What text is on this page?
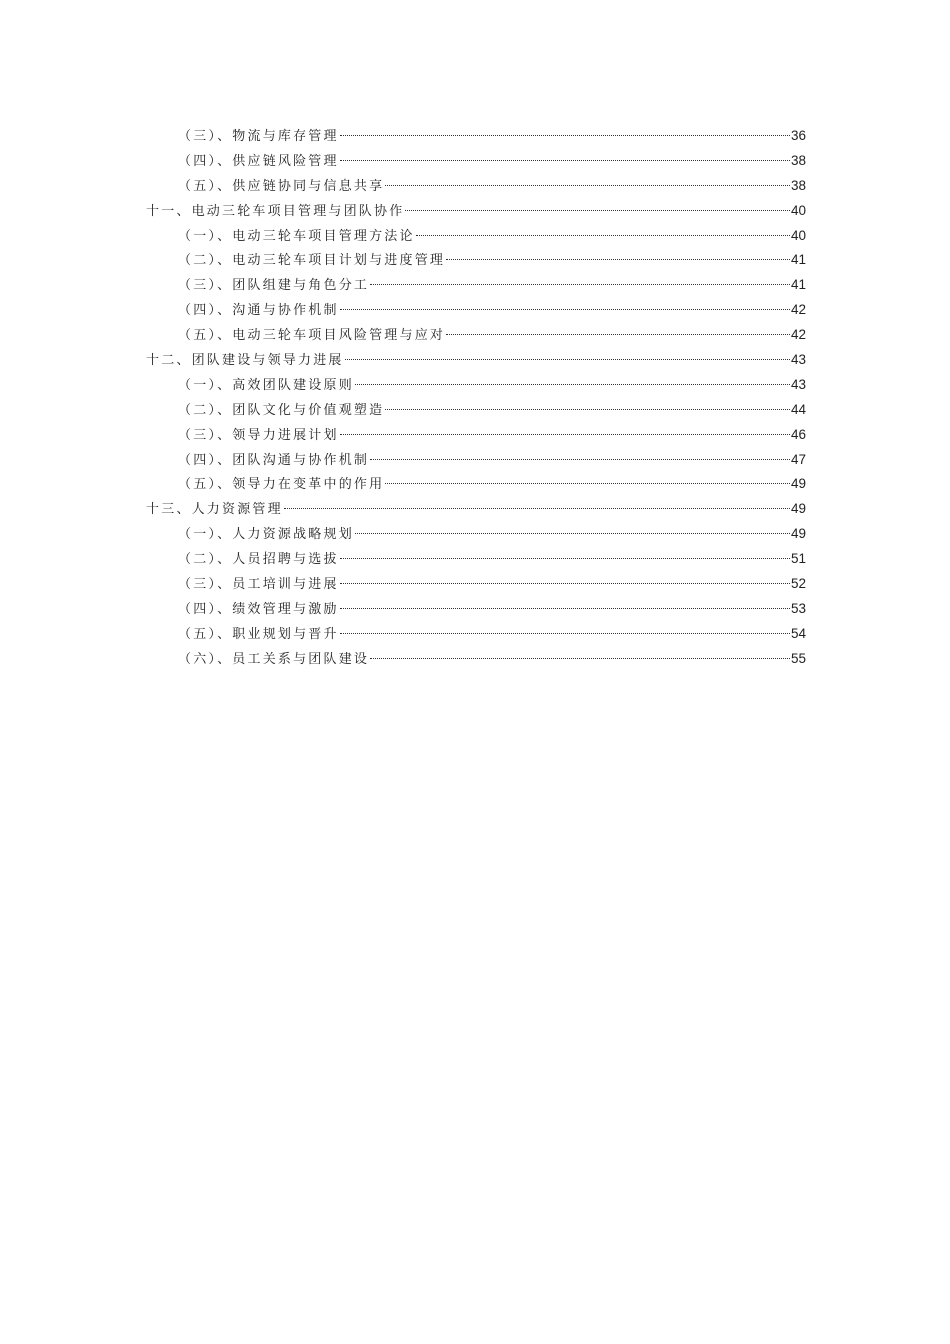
（三）、物流与库存管理	36
（四）、供应链风险管理	38
（五）、供应链协同与信息共享	38
十一、电动三轮车项目管理与团队协作	40
（一）、电动三轮车项目管理方法论	40
（二）、电动三轮车项目计划与进度管理	41
（三）、团队组建与角色分工	41
（四）、沟通与协作机制	42
（五）、电动三轮车项目风险管理与应对	42
十二、团队建设与领导力进展	43
（一）、高效团队建设原则	43
（二）、团队文化与价值观塑造	44
（三）、领导力进展计划	46
（四）、团队沟通与协作机制	47
（五）、领导力在变革中的作用	49
十三、人力资源管理	49
（一）、人力资源战略规划	49
（二）、人员招聘与选拔	51
（三）、员工培训与进展	52
（四）、绩效管理与激励	53
（五）、职业规划与晋升	54
（六）、员工关系与团队建设	55
